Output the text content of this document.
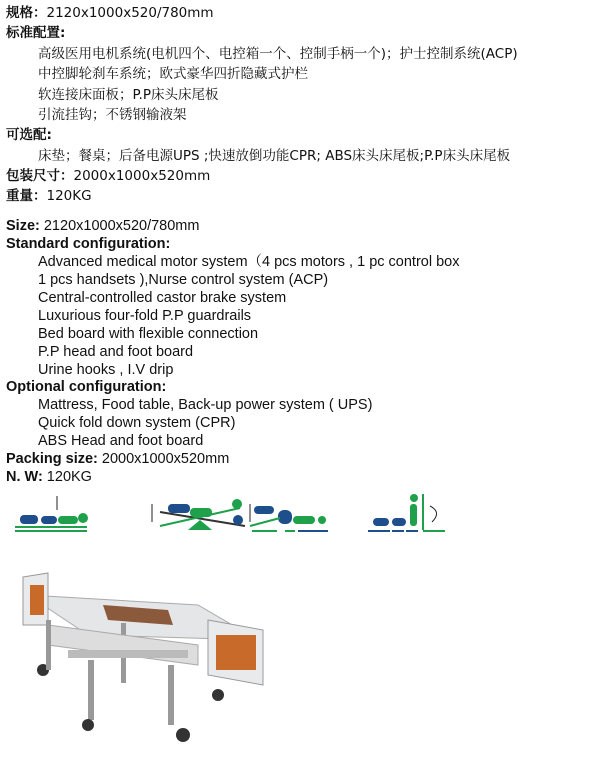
规格：2120x1000x520/780mm
标准配置:
高级医用电机系统(电机四个、电控箱一个、控制手柄一个)；护士控制系统(ACP)
中控脚轮刹车系统；欧式豪华四折隐藏式护栏
软连接床面板；P.P床头床尾板
引流挂钩；不锈钢输液架
可选配:
床垫；餐桌；后备电源UPS ;快速放倒功能CPR; ABS床头床尾板;P.P床头床尾板
包装尺寸：2000x1000x520mm
重量：120KG
Size: 2120x1000x520/780mm
Standard configuration:
Advanced medical motor system（4 pcs motors , 1 pc control box
1 pcs handsets ),Nurse control system (ACP)
Central-controlled castor brake system
Luxurious four-fold P.P guardrails
Bed board with flexible connection
P.P head and foot board
Urine hooks , I.V drip
Optional configuration:
Mattress, Food table, Back-up power system ( UPS)
Quick fold down system (CPR)
ABS Head and foot board
Packing size: 2000x1000x520mm
N. W: 120KG
